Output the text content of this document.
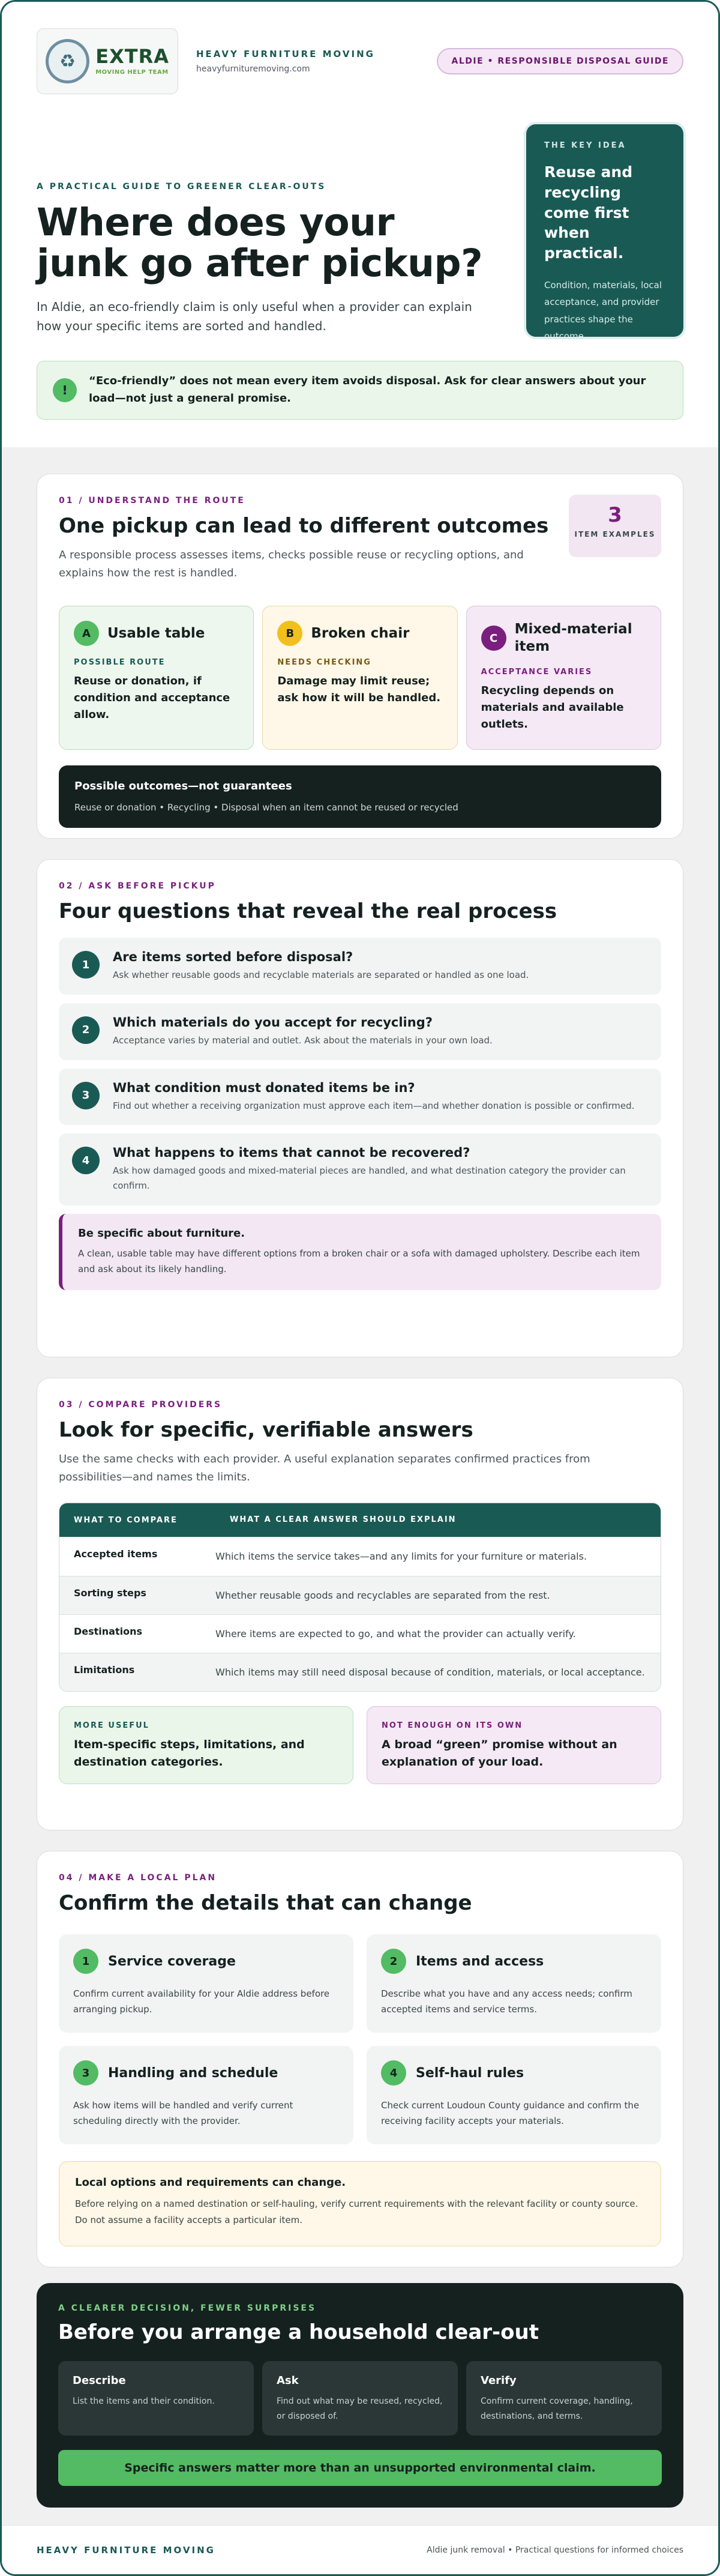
♻	EXTRA
MOVING HELP TEAM
HEAVY FURNITURE MOVING
heavyfurnituremoving.com
ALDIE • RESPONSIBLE DISPOSAL GUIDE
A PRACTICAL GUIDE TO GREENER CLEAR-OUTS
Where does your junk go after pickup?

In Aldie, an eco-friendly claim is only useful when a provider can explain how your specific items are sorted and handled.

THE KEY IDEA
Reuse and recycling come first when practical.
Condition, materials, local acceptance, and provider practices shape the outcome.
!
“Eco-friendly” does not mean every item avoids disposal. Ask for clear answers about your load—not just a general promise.
01 / UNDERSTAND THE ROUTE
One pickup can lead to different outcomes

A responsible process assesses items, checks possible reuse or recycling options, and explains how the rest is handled.

3
ITEM EXAMPLES
A	Usable table
POSSIBLE ROUTE
Reuse or donation, if condition and acceptance allow.
B	Broken chair
NEEDS CHECKING
Damage may limit reuse; ask how it will be handled.
C
Mixed-material item
ACCEPTANCE VARIES
Recycling depends on materials and available outlets.
Possible outcomes—not guarantees
Reuse or donation • Recycling • Disposal when an item cannot be reused or recycled
02 / ASK BEFORE PICKUP
Four questions that reveal the real process
1
Are items sorted before disposal?
Ask whether reusable goods and recyclable materials are separated or handled as one load.
2
Which materials do you accept for recycling?
Acceptance varies by material and outlet. Ask about the materials in your own load.
3
What condition must donated items be in?
Find out whether a receiving organization must approve each item—and whether donation is possible or confirmed.
4
What happens to items that cannot be recovered?
Ask how damaged goods and mixed-material pieces are handled, and what destination category the provider can confirm.
Be specific about furniture.
A clean, usable table may have different options from a broken chair or a sofa with damaged upholstery. Describe each item and ask about its likely handling.
03 / COMPARE PROVIDERS
Look for specific, verifiable answers

Use the same checks with each provider. A useful explanation separates confirmed practices from possibilities—and names the limits.

WHAT TO COMPARE	WHAT A CLEAR ANSWER SHOULD EXPLAIN
Accepted items	Which items the service takes—and any limits for your furniture or materials.
Sorting steps	Whether reusable goods and recyclables are separated from the rest.
Destinations	Where items are expected to go, and what the provider can actually verify.
Limitations	Which items may still need disposal because of condition, materials, or local acceptance.
MORE USEFUL
Item-specific steps, limitations, and destination categories.
NOT ENOUGH ON ITS OWN
A broad “green” promise without an explanation of your load.
04 / MAKE A LOCAL PLAN
Confirm the details that can change
1	Service coverage
Confirm current availability for your Aldie address before arranging pickup.
2	Items and access
Describe what you have and any access needs; confirm accepted items and service terms.
3	Handling and schedule
Ask how items will be handled and verify current scheduling directly with the provider.
4	Self-haul rules
Check current Loudoun County guidance and confirm the receiving facility accepts your materials.
Local options and requirements can change.
Before relying on a named destination or self-hauling, verify current requirements with the relevant facility or county source. Do not assume a facility accepts a particular item.
A CLEARER DECISION, FEWER SURPRISES
Before you arrange a household clear-out
Describe
List the items and their condition.
Ask
Find out what may be reused, recycled, or disposed of.
Verify
Confirm current coverage, handling, destinations, and terms.
Specific answers matter more than an unsupported environmental claim.
HEAVY FURNITURE MOVING	Aldie junk removal • Practical questions for informed choices
